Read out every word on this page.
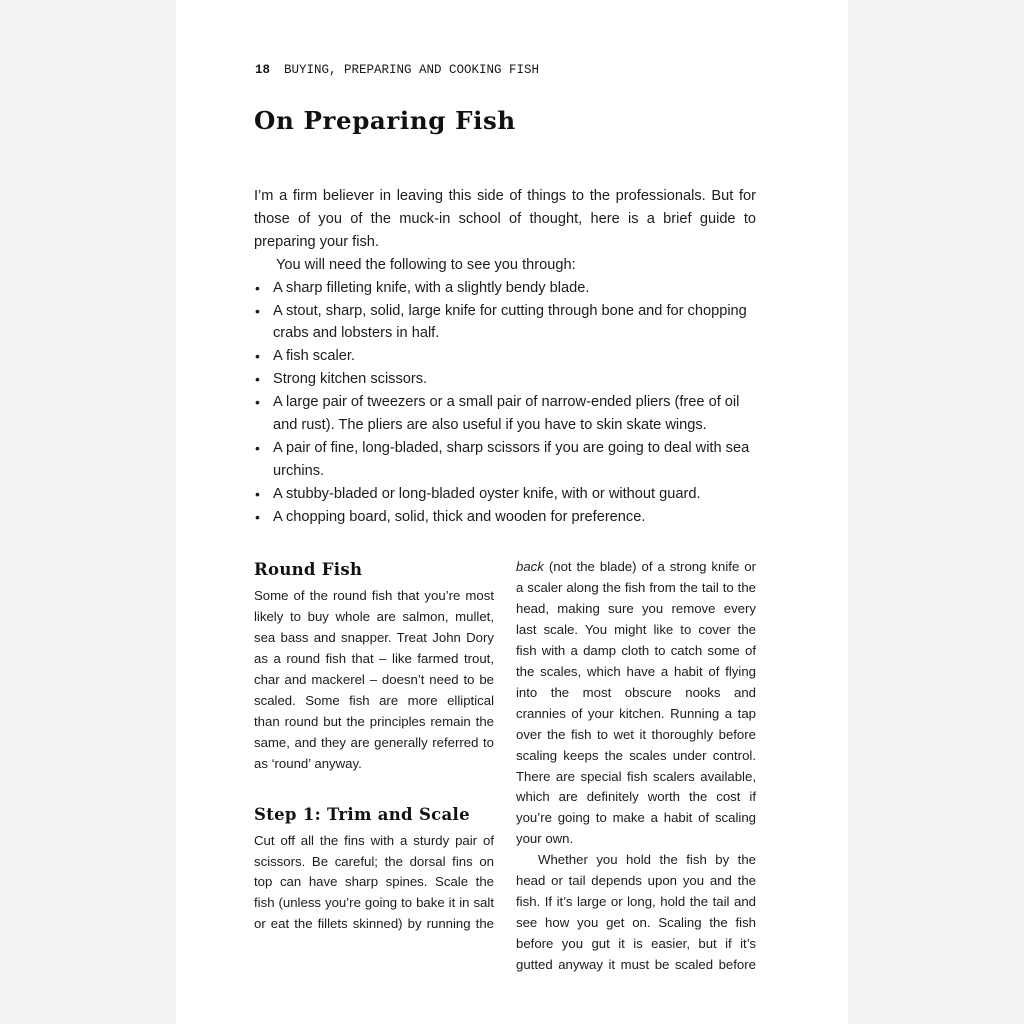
18 BUYING, PREPARING AND COOKING FISH
On Preparing Fish

I’m a firm believer in leaving this side of things to the professionals. But for those of you of the muck-in school of thought, here is a brief guide to preparing your fish.

You will need the following to see you through:

• A sharp filleting knife, with a slightly bendy blade.
• A stout, sharp, solid, large knife for cutting through bone and for chopping crabs and lobsters in half.
• A fish scaler.
• Strong kitchen scissors.
• A large pair of tweezers or a small pair of narrow-ended pliers (free of oil and rust). The pliers are also useful if you have to skin skate wings.
• A pair of fine, long-bladed, sharp scissors if you are going to deal with sea urchins.
• A stubby-bladed or long-bladed oyster knife, with or without guard.
• A chopping board, solid, thick and wooden for preference.
Round Fish

Some of the round fish that you’re most likely to buy whole are salmon, mullet, sea bass and snapper. Treat John Dory as a round fish that – like farmed trout, char and mackerel – doesn’t need to be scaled. Some fish are more elliptical than round but the principles remain the same, and they are generally referred to as ‘round’ anyway.

Step 1: Trim and Scale

Cut off all the fins with a sturdy pair of scissors. Be careful; the dorsal fins on top can have sharp spines. Scale the fish (unless you’re going to bake it in salt or eat the fillets skinned) by running the

back (not the blade) of a strong knife or a scaler along the fish from the tail to the head, making sure you remove every last scale. You might like to cover the fish with a damp cloth to catch some of the scales, which have a habit of flying into the most obscure nooks and crannies of your kitchen. Running a tap over the fish to wet it thoroughly before scaling keeps the scales under control. There are special fish scalers available, which are definitely worth the cost if you’re going to make a habit of scaling your own.

Whether you hold the fish by the head or tail depends upon you and the fish. If it’s large or long, hold the tail and see how you get on. Scaling the fish before you gut it is easier, but if it’s gutted anyway it must be scaled before
